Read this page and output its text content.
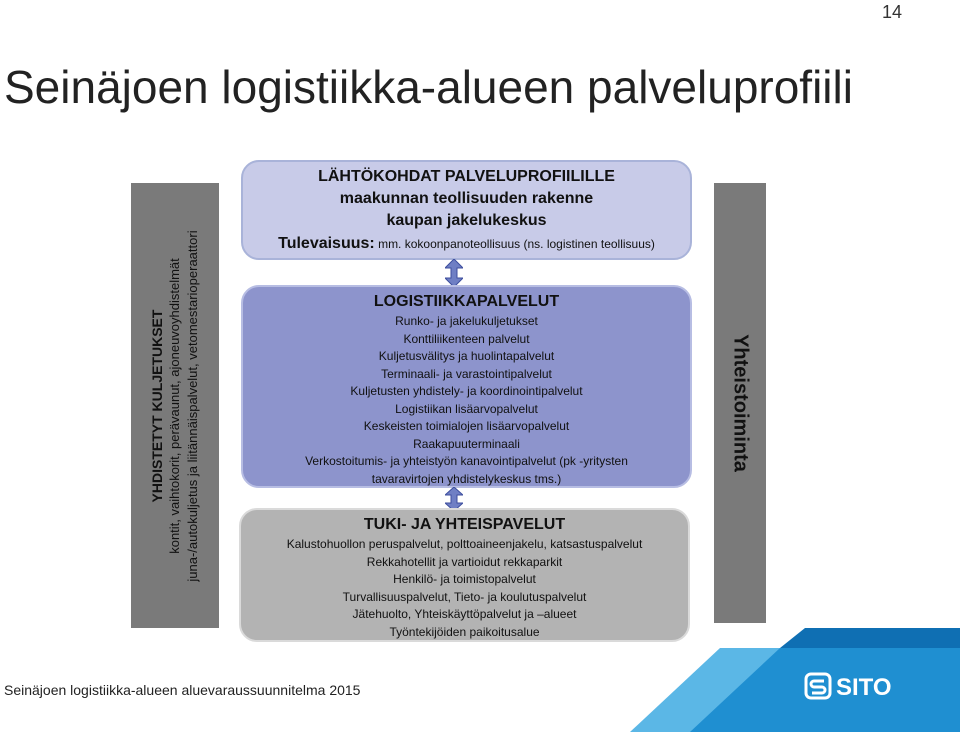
14
Seinäjoen logistiikka-alueen palveluprofiili
YHDISTETYT KULJETUKSET kontit, vaihtokorit, perävaunut, ajoneuvoyhdistelmät juna-/autokuljetus ja liitännäispalvelut, vetomestarioperaattori	Yhteistoiminta
LÄHTÖKOHDAT PALVELUPROFIILILLE
maakunnan teollisuuden rakenne
kaupan jakelukeskus
Tulevaisuus: mm. kokoonpanoteollisuus (ns. logistinen teollisuus)
LOGISTIIKKAPALVELUT
Runko- ja jakelukuljetukset
Konttiliikenteen palvelut
Kuljetusvälitys ja huolintapalvelut
Terminaali- ja varastointipalvelut
Kuljetusten yhdistely- ja koordinointipalvelut
Logistiikan lisäarvopalvelut
Keskeisten toimialojen lisäarvopalvelut
Raakapuuterminaali
Verkostoitumis- ja yhteistyön kanavointipalvelut (pk -yritysten
tavaravirtojen yhdistelykeskus tms.)
TUKI- JA YHTEISPAVELUT
Kalustohuollon peruspalvelut, polttoaineenjakelu, katsastuspalvelut
Rekkahotellit ja vartioidut rekkaparkit
Henkilö- ja toimistopalvelut
Turvallisuuspalvelut, Tieto- ja koulutuspalvelut
Jätehuolto, Yhteiskäyttöpalvelut ja –alueet
Työntekijöiden paikoitusalue
Seinäjoen logistiikka-alueen aluevaraussuunnitelma 2015	SITO
